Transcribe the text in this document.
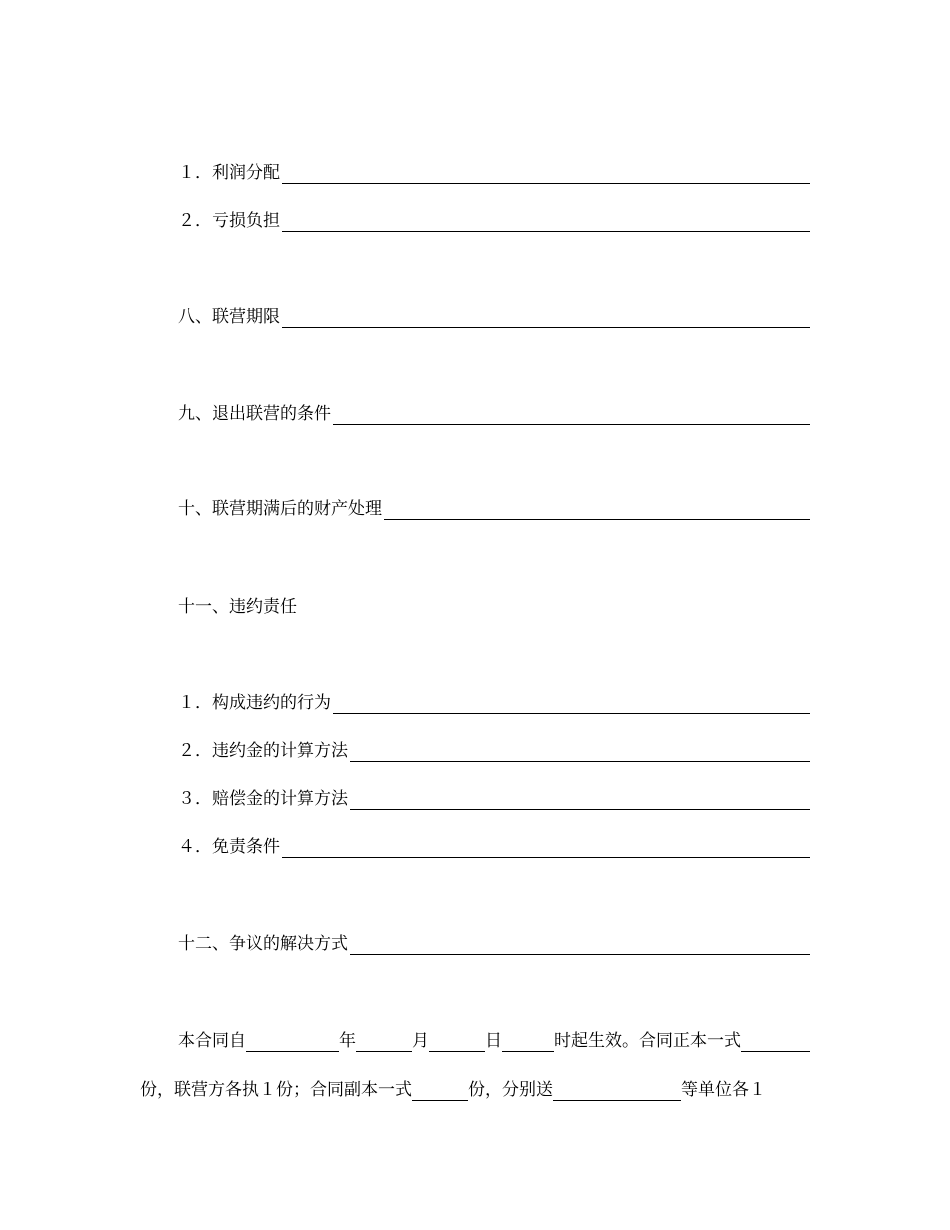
１．利润分配
２．亏损负担
八、联营期限
九、退出联营的条件
十、联营期满后的财产处理
十一、违约责任
１．构成违约的行为
２．违约金的计算方法
３．赔偿金的计算方法
４．免责条件
十二、争议的解决方式
本合同自	年	月	日	时起生效。合同正本一式
份，联营方各执１份；合同副本一式	份，分别送	等单位各１
